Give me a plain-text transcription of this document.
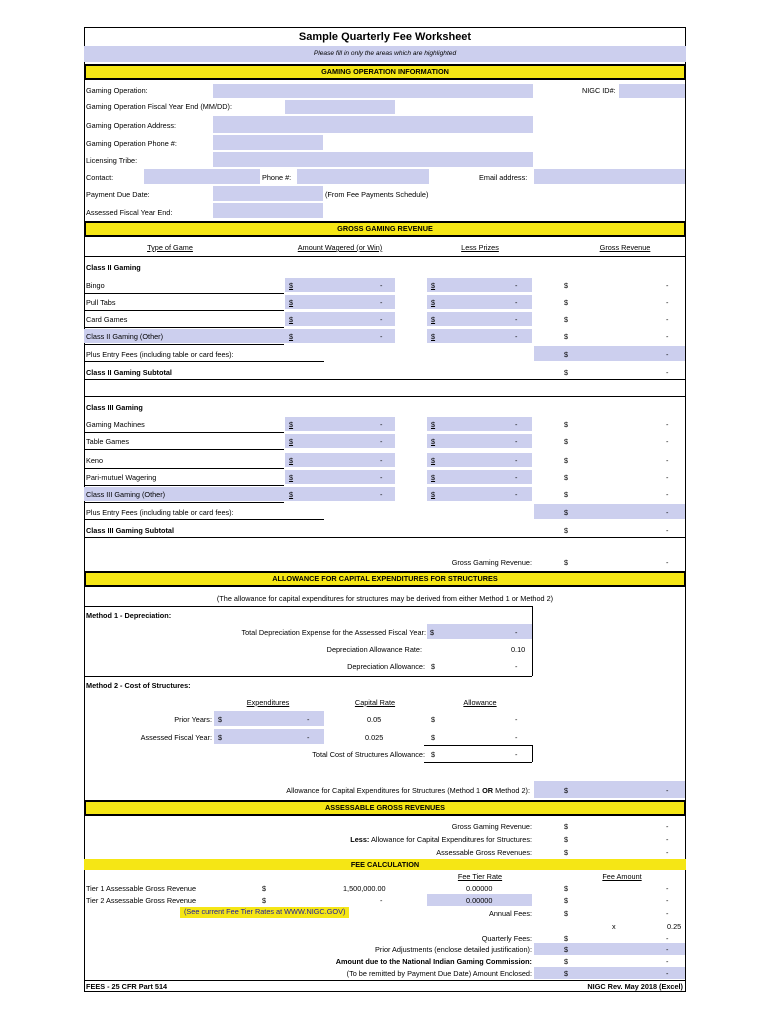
Sample Quarterly Fee Worksheet
Please fill in only the areas which are highlighted
GAMING OPERATION INFORMATION
Gaming Operation:	NIGC ID#:
Gaming Operation Fiscal Year End (MM/DD):
Gaming Operation Address:
Gaming Operation Phone #:
Licensing Tribe:
Contact:	Phone #:	Email address:
Payment Due Date:	(From Fee Payments Schedule)
Assessed Fiscal Year End:
GROSS GAMING REVENUE
Type of Game	Amount Wagered (or Win)	Less Prizes	Gross Revenue
Class II Gaming
Bingo	$	-	$	-	$	-
Pull Tabs	$	-	$	-	$	-
Card Games	$	-	$	-	$	-
Class II Gaming (Other)	$	-	$	-	$	-
Plus Entry Fees (including table or card fees):	$	-
Class II Gaming Subtotal	$	-
Class III Gaming
Gaming Machines	$	-	$	-	$	-
Table Games	$	-	$	-	$	-
Keno	$	-	$	-	$	-
Pari-mutuel Wagering	$	-	$	-	$	-
Class III Gaming (Other)	$	-	$	-	$	-
Plus Entry Fees (including table or card fees):	$	-
Class III Gaming Subtotal	$	-
Gross Gaming Revenue:	$	-
ALLOWANCE FOR CAPITAL EXPENDITURES FOR STRUCTURES
(The allowance for capital expenditures for structures may be derived from either Method 1 or Method 2)
Method 1 - Depreciation:
Total Depreciation Expense for the Assessed Fiscal Year: $	-
Depreciation Allowance Rate:	0.10
Depreciation Allowance: $	-
Method 2 - Cost of Structures:
Expenditures	Capital Rate	Allowance
Prior Years: $	-	0.05	$	-
Assessed Fiscal Year: $	-	0.025	$	-
Total Cost of Structures Allowance: $	-
Allowance for Capital Expenditures for Structures (Method 1 OR Method 2):	$	-
ASSESSABLE GROSS REVENUES
Gross Gaming Revenue:	$	-
Less: Allowance for Capital Expenditures for Structures:	$	-
Assessable Gross Revenues:	$	-
FEE CALCULATION
Fee Tier Rate	Fee Amount
Tier 1 Assessable Gross Revenue	$	1,500,000.00	0.00000	$	-
Tier 2 Assessable Gross Revenue	$	-	0.00000	$	-
(See current Fee Tier Rates at WWW.NIGC.GOV)	Annual Fees:	$	-
x	0.25
Quarterly Fees:	$	-
Prior Adjustments (enclose detailed justification):	$	-
Amount due to the National Indian Gaming Commission:	$	-
(To be remitted by Payment Due Date) Amount Enclosed:	$	-
FEES - 25 CFR Part 514	NIGC Rev. May 2018 (Excel)
